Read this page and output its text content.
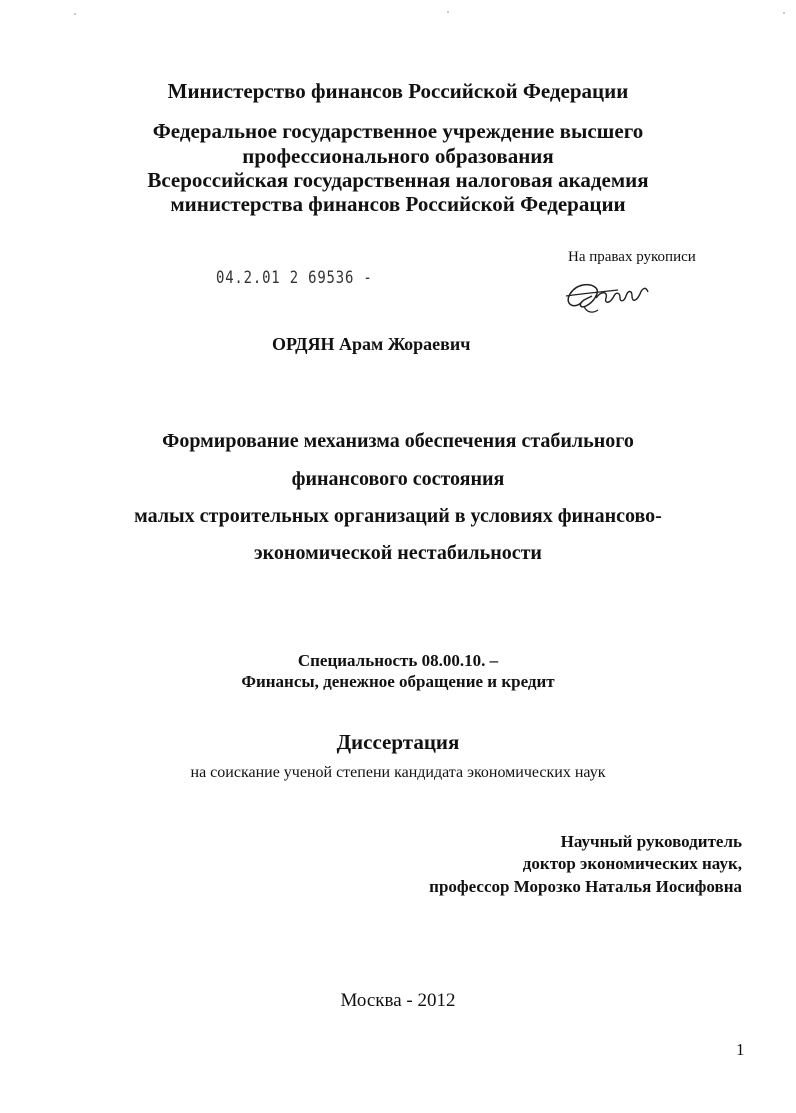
Министерство финансов Российской Федерации
Федеральное государственное учреждение высшего
профессионального образования
Всероссийская государственная налоговая академия
министерства финансов Российской Федерации
04.2.01 2 69536 -
На правах рукописи
ОРДЯН Арам Жораевич
Формирование механизма обеспечения стабильного
финансового состояния
малых строительных организаций в условиях финансово-
экономической нестабильности
Специальность 08.00.10. –
Финансы, денежное обращение и кредит
Диссертация
на соискание ученой степени кандидата экономических наук
Научный руководитель
доктор экономических наук,
профессор Морозко Наталья Иосифовна
Москва - 2012
1
